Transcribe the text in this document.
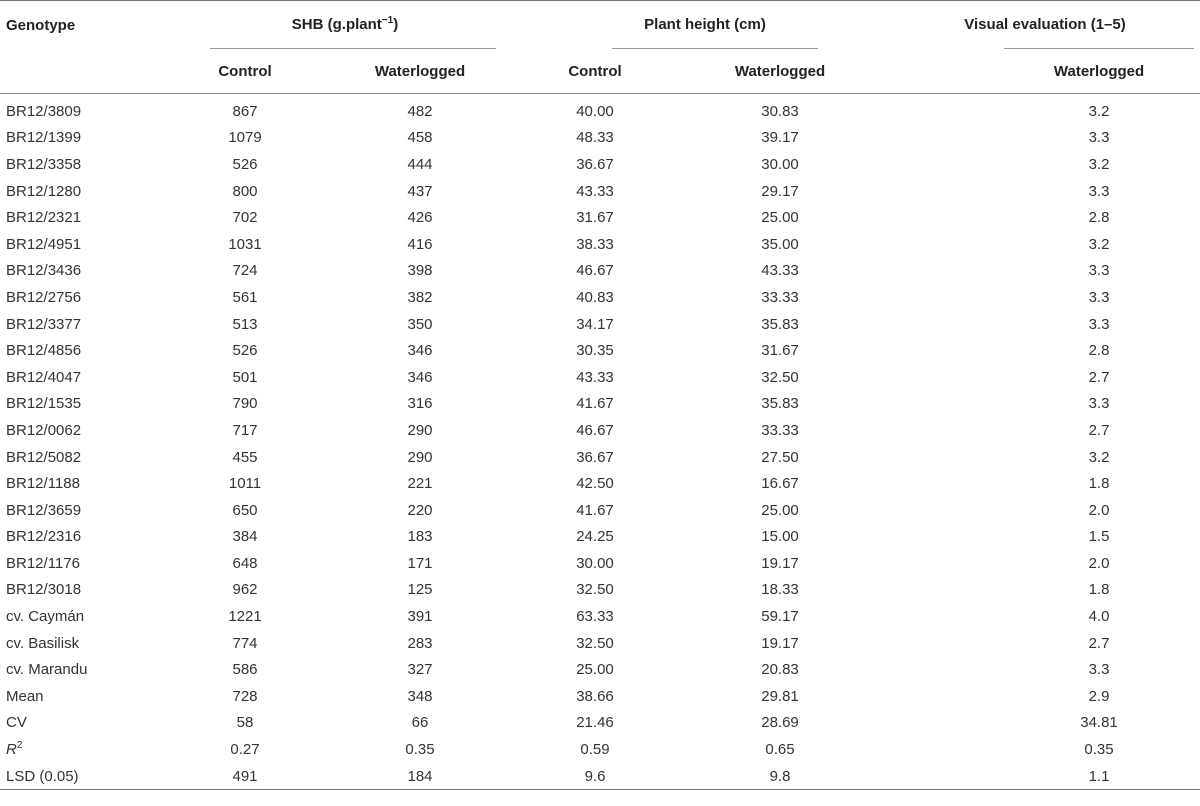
Genotype	SHB (g.plant$^{-1}$)		Plant height (cm)		Visual evaluation (1–5)

	Control	Waterlogged	Control	Waterlogged	Waterlogged
BR12/3809	867	482	40.00	30.83	3.2
BR12/1399	1079	458	48.33	39.17	3.3
BR12/3358	526	444	36.67	30.00	3.2
BR12/1280	800	437	43.33	29.17	3.3
BR12/2321	702	426	31.67	25.00	2.8
BR12/4951	1031	416	38.33	35.00	3.2
BR12/3436	724	398	46.67	43.33	3.3
BR12/2756	561	382	40.83	33.33	3.3
BR12/3377	513	350	34.17	35.83	3.3
BR12/4856	526	346	30.35	31.67	2.8
BR12/4047	501	346	43.33	32.50	2.7
BR12/1535	790	316	41.67	35.83	3.3
BR12/0062	717	290	46.67	33.33	2.7
BR12/5082	455	290	36.67	27.50	3.2
BR12/1188	1011	221	42.50	16.67	1.8
BR12/3659	650	220	41.67	25.00	2.0
BR12/2316	384	183	24.25	15.00	1.5
BR12/1176	648	171	30.00	19.17	2.0
BR12/3018	962	125	32.50	18.33	1.8
cv. Caymán	1221	391	63.33	59.17	4.0
cv. Basilisk	774	283	32.50	19.17	2.7
cv. Marandu	586	327	25.00	20.83	3.3
Mean	728	348	38.66	29.81	2.9
CV	58	66	21.46	28.69	34.81
$R^2$	0.27	0.35	0.59	0.65	0.35
LSD (0.05)	491	184	9.6	9.8	1.1
